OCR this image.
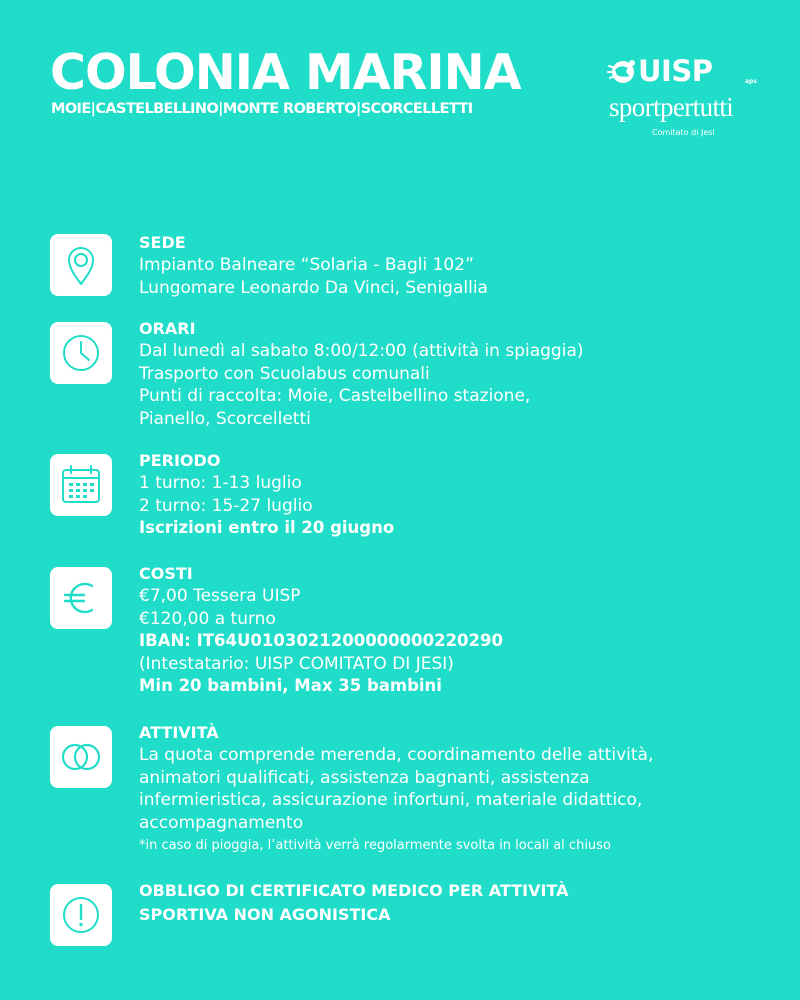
COLONIA MARINA
MOIE|CASTELBELLINO|MONTE ROBERTO|SCORCELLETTI
UISP	aps
sportpertutti
Comitato di Jesi
SEDE
Impianto Balneare “Solaria - Bagli 102”
Lungomare Leonardo Da Vinci, Senigallia
ORARI
Dal lunedì al sabato 8:00/12:00 (attività in spiaggia)
Trasporto con Scuolabus comunali
Punti di raccolta: Moie, Castelbellino stazione,
Pianello, Scorcelletti
PERIODO
1 turno: 1-13 luglio
2 turno: 15-27 luglio
Iscrizioni entro il 20 giugno
COSTI
€7,00 Tessera UISP
€120,00 a turno
IBAN: IT64U0103021200000000220290
(Intestatario: UISP COMITATO DI JESI)
Min 20 bambini, Max 35 bambini
ATTIVITÀ
La quota comprende merenda, coordinamento delle attività,
animatori qualificati, assistenza bagnanti, assistenza
infermieristica, assicurazione infortuni, materiale didattico,
accompagnamento
*in caso di pioggia, l’attività verrà regolarmente svolta in locali al chiuso
OBBLIGO DI CERTIFICATO MEDICO PER ATTIVITÀ
SPORTIVA NON AGONISTICA
